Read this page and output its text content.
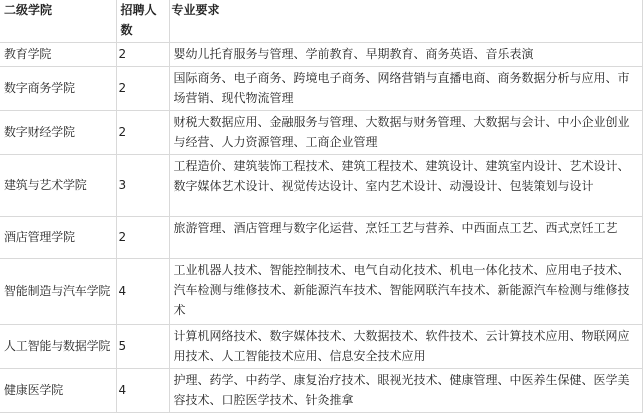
二级学院	招聘人数	专业要求
教育学院	2	婴幼儿托育服务与管理、学前教育、早期教育、商务英语、音乐表演
数字商务学院	2	国际商务、电子商务、跨境电子商务、网络营销与直播电商、商务数据分析与应用、市场营销、现代物流管理
数字财经学院	2	财税大数据应用、金融服务与管理、大数据与财务管理、大数据与会计、中小企业创业与经营、人力资源管理、工商企业管理
建筑与艺术学院	3	工程造价、建筑装饰工程技术、建筑工程技术、建筑设计、建筑室内设计、艺术设计、数字媒体艺术设计、视觉传达设计、室内艺术设计、动漫设计、包装策划与设计
酒店管理学院	2	旅游管理、酒店管理与数字化运营、烹饪工艺与营养、中西面点工艺、西式烹饪工艺
智能制造与汽车学院	4	工业机器人技术、智能控制技术、电气自动化技术、机电一体化技术、应用电子技术、汽车检测与维修技术、新能源汽车技术、智能网联汽车技术、新能源汽车检测与维修技术
人工智能与数据学院	5	计算机网络技术、数字媒体技术、大数据技术、软件技术、云计算技术应用、物联网应用技术、人工智能技术应用、信息安全技术应用
健康医学院	4	护理、药学、中药学、康复治疗技术、眼视光技术、健康管理、中医养生保健、医学美容技术、口腔医学技术、针灸推拿
